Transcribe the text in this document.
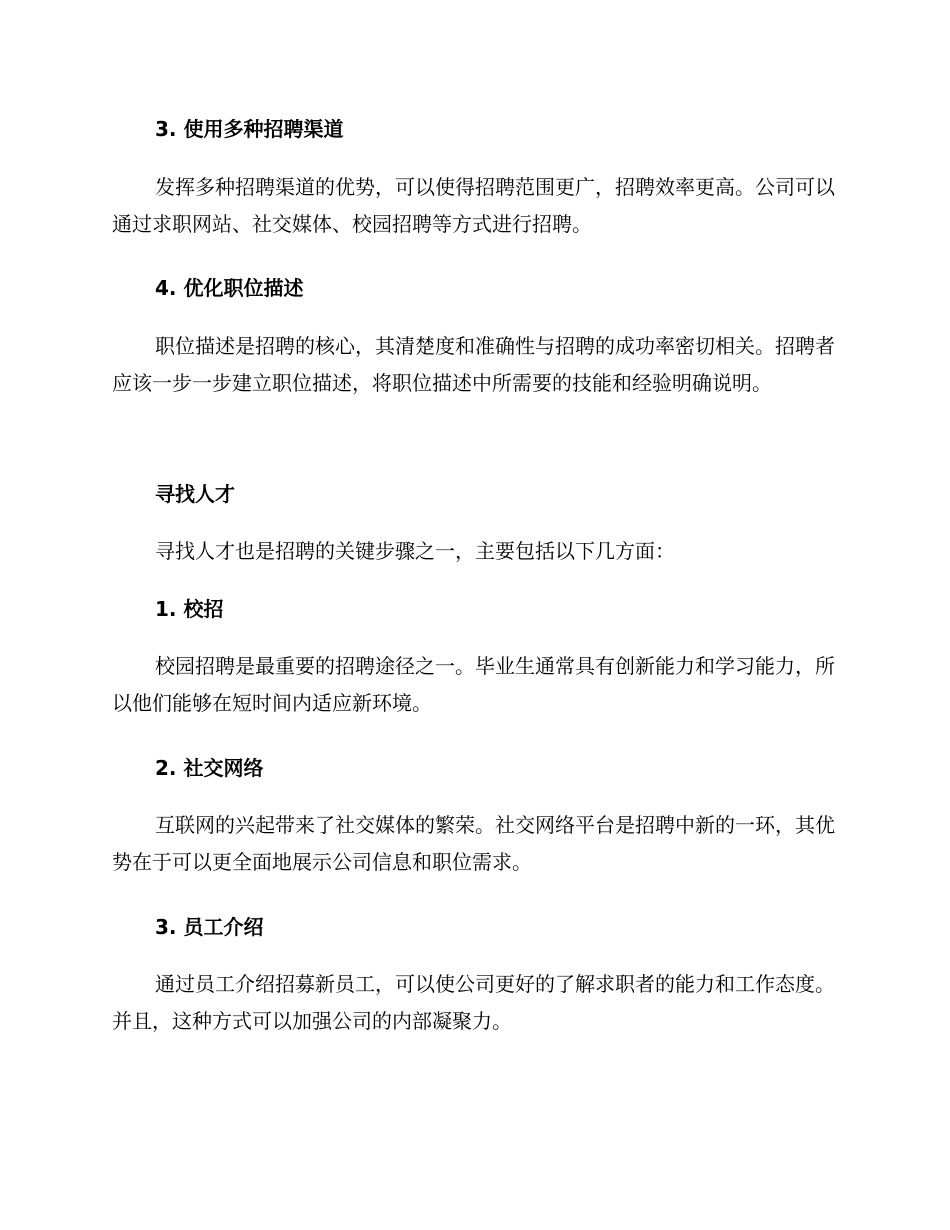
3. 使用多种招聘渠道

发挥多种招聘渠道的优势，可以使得招聘范围更广，招聘效率更高。公司可以通过求职网站、社交媒体、校园招聘等方式进行招聘。

4. 优化职位描述

职位描述是招聘的核心，其清楚度和准确性与招聘的成功率密切相关。招聘者应该一步一步建立职位描述，将职位描述中所需要的技能和经验明确说明。

寻找人才

寻找人才也是招聘的关键步骤之一，主要包括以下几方面：

1. 校招

校园招聘是最重要的招聘途径之一。毕业生通常具有创新能力和学习能力，所以他们能够在短时间内适应新环境。

2. 社交网络

互联网的兴起带来了社交媒体的繁荣。社交网络平台是招聘中新的一环，其优势在于可以更全面地展示公司信息和职位需求。

3. 员工介绍

通过员工介绍招募新员工，可以使公司更好的了解求职者的能力和工作态度。并且，这种方式可以加强公司的内部凝聚力。
